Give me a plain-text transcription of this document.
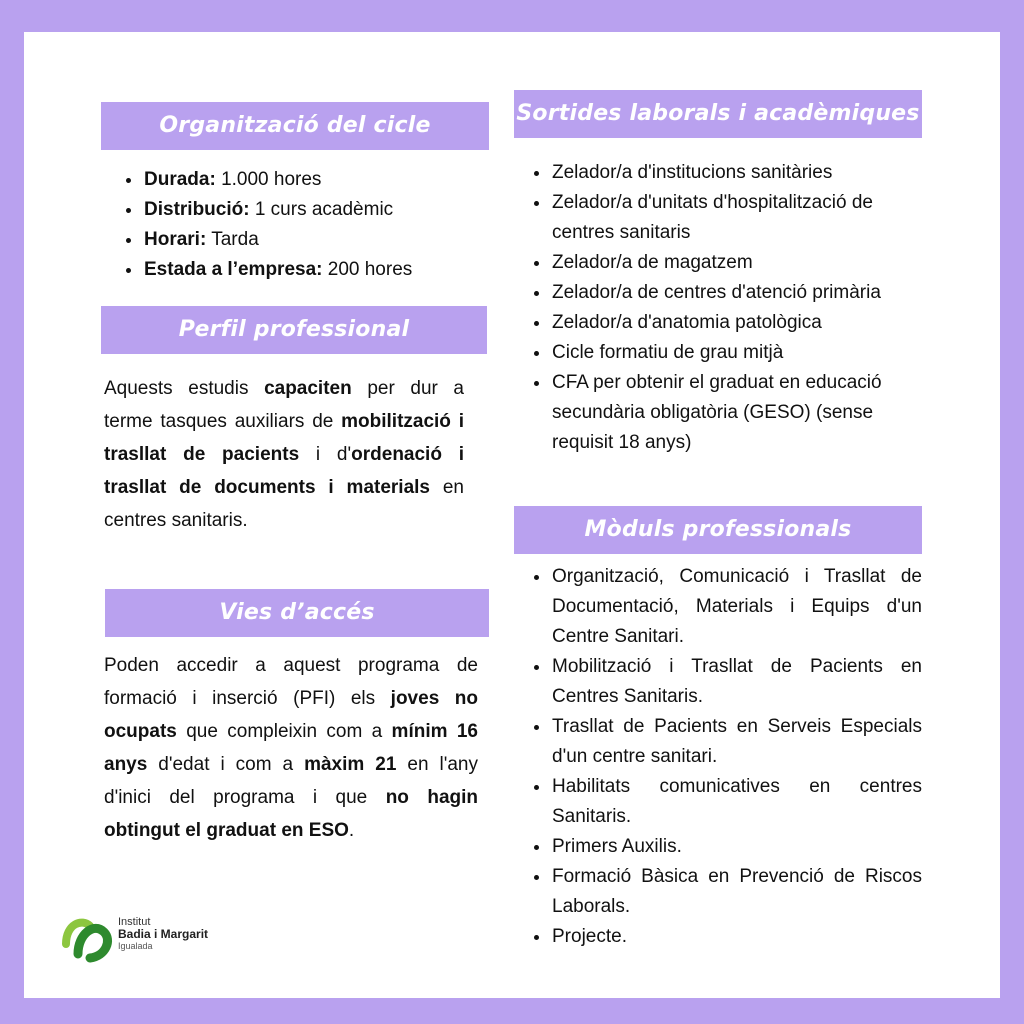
Organització del cicle
Durada: 1.000 hores
Distribució: 1 curs acadèmic
Horari: Tarda
Estada a l’empresa: 200 hores
Perfil professional
Aquests estudis capaciten per dur a terme tasques auxiliars de mobilització i trasllat de pacients i d'ordenació i trasllat de documents i materials en centres sanitaris.
Vies d’accés
Poden accedir a aquest programa de formació i inserció (PFI) els joves no ocupats que compleixin com a mínim 16 anys d'edat i com a màxim 21 en l'any d'inici del programa i que no hagin obtingut el graduat en ESO.
Sortides laborals i acadèmiques
Zelador/a d'institucions sanitàries
Zelador/a d'unitats d'hospitalització de centres sanitaris
Zelador/a de magatzem
Zelador/a de centres d'atenció primària
Zelador/a d'anatomia patològica
Cicle formatiu de grau mitjà
CFA per obtenir el graduat en educació secundària obligatòria (GESO) (sense requisit 18 anys)
Mòduls professionals
Organització, Comunicació i Trasllat de Documentació, Materials i Equips d'un Centre Sanitari.
Mobilització i Trasllat de Pacients en Centres Sanitaris.
Trasllat de Pacients en Serveis Especials d'un centre sanitari.
Habilitats comunicatives en centres Sanitaris.
Primers Auxilis.
Formació Bàsica en Prevenció de Riscos Laborals.
Projecte.
Institut
Badia i Margarit
Igualada
